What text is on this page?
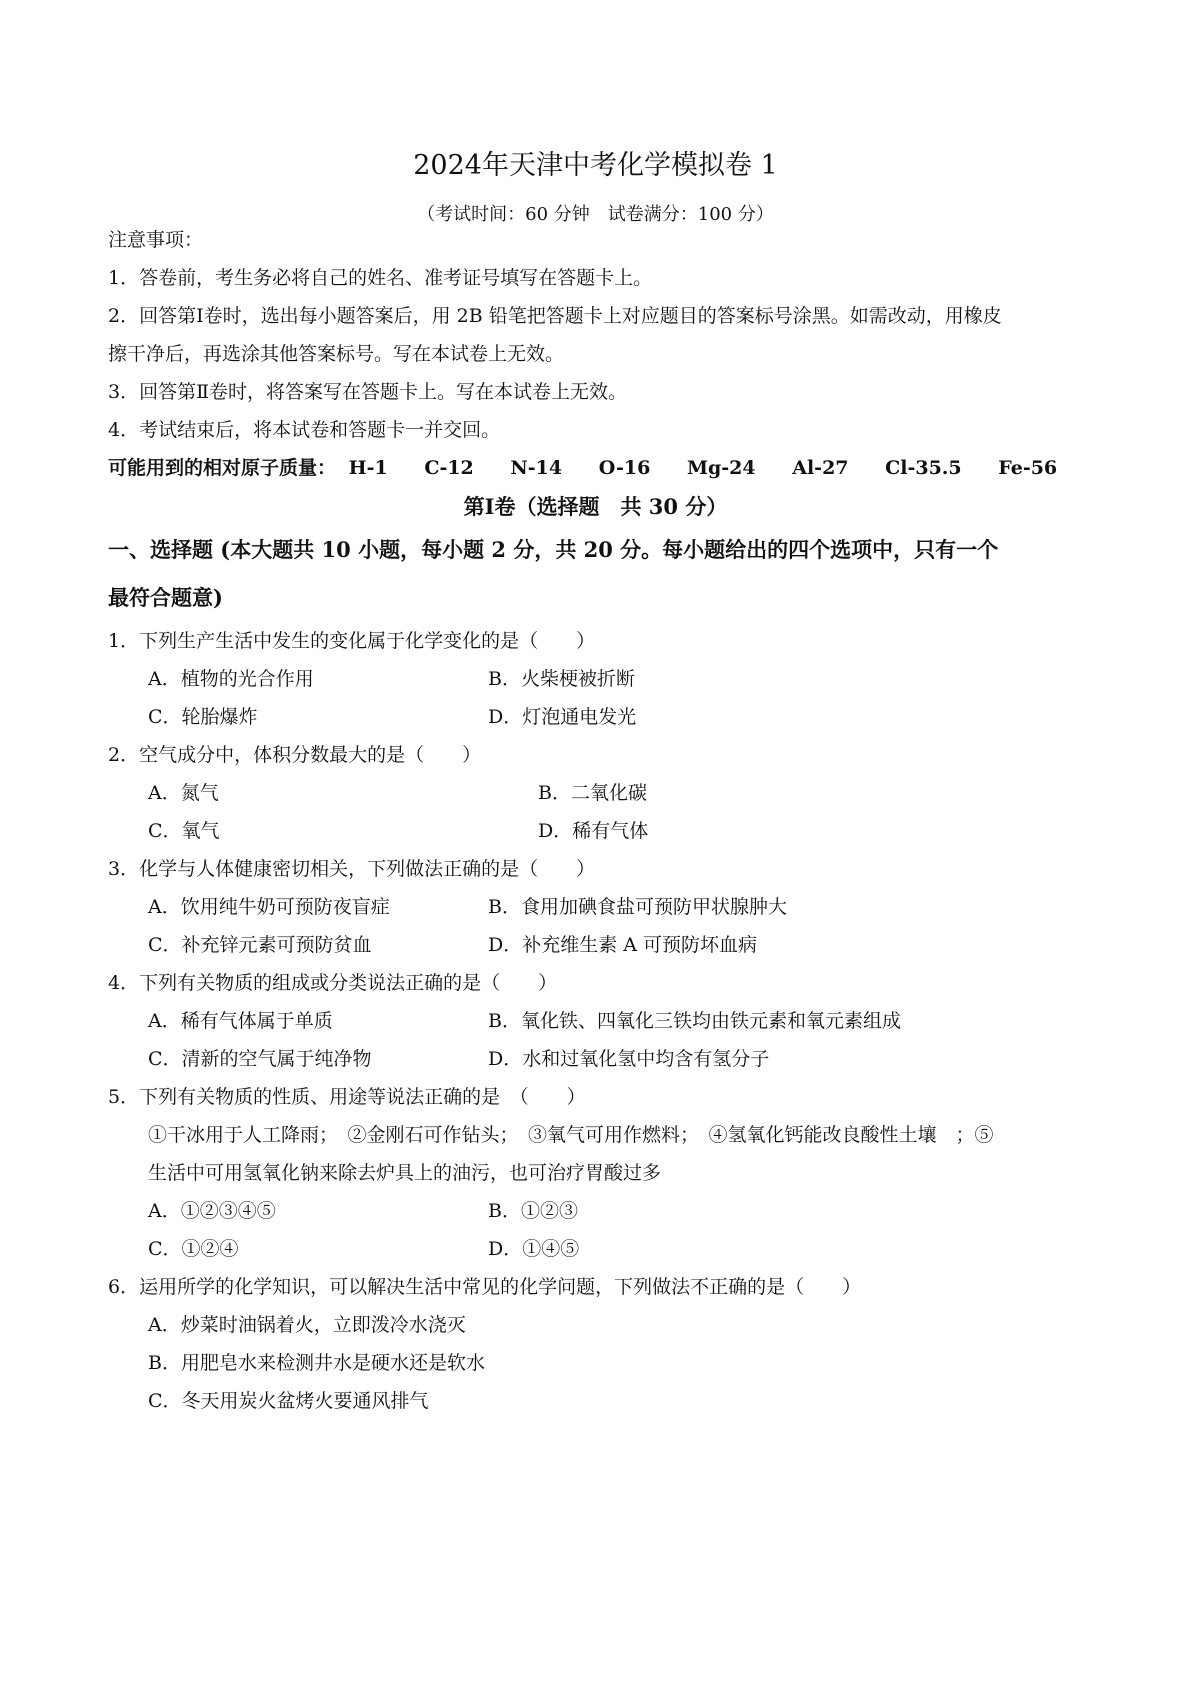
2024年天津中考化学模拟卷 1
（考试时间：60 分钟　试卷满分：100 分）
注意事项：
1．答卷前，考生务必将自己的姓名、准考证号填写在答题卡上。
2．回答第Ⅰ卷时，选出每小题答案后，用 2B 铅笔把答题卡上对应题目的答案标号涂黑。如需改动，用橡皮
擦干净后，再选涂其他答案标号。写在本试卷上无效。
3．回答第Ⅱ卷时，将答案写在答题卡上。写在本试卷上无效。
4．考试结束后，将本试卷和答题卡一并交回。
可能用到的相对原子质量： H-1 C-12 N-14 O-16 Mg-24 Al-27 Cl-35.5 Fe-56
第Ⅰ卷（选择题　共 30 分）
一、选择题 (本大题共 10 小题，每小题 2 分，共 20 分。每小题给出的四个选项中，只有一个
最符合题意)
1．下列生产生活中发生的变化属于化学变化的是（　　）
A．植物的光合作用	B．火柴梗被折断
C．轮胎爆炸	D．灯泡通电发光
2．空气成分中，体积分数最大的是（　　）
A．氮气	B．二氧化碳
C．氧气	D．稀有气体
3．化学与人体健康密切相关，下列做法正确的是（　　）
A．饮用纯牛奶可预防夜盲症	B．食用加碘食盐可预防甲状腺肿大
C．补充锌元素可预防贫血	D．补充维生素 A 可预防坏血病
4．下列有关物质的组成或分类说法正确的是（　　）
A．稀有气体属于单质	B．氧化铁、四氧化三铁均由铁元素和氧元素组成
C．清新的空气属于纯净物	D．水和过氧化氢中均含有氢分子
5．下列有关物质的性质、用途等说法正确的是　（　　）
①干冰用于人工降雨；　②金刚石可作钻头；　③氧气可用作燃料；　④氢氧化钙能改良酸性土壤　；⑤
生活中可用氢氧化钠来除去炉具上的油污，也可治疗胃酸过多
A．①②③④⑤	B．①②③
C．①②④	D．①④⑤
6．运用所学的化学知识，可以解决生活中常见的化学问题，下列做法不正确的是（　　）
A．炒菜时油锅着火，立即泼冷水浇灭
B．用肥皂水来检测井水是硬水还是软水
C．冬天用炭火盆烤火要通风排气
